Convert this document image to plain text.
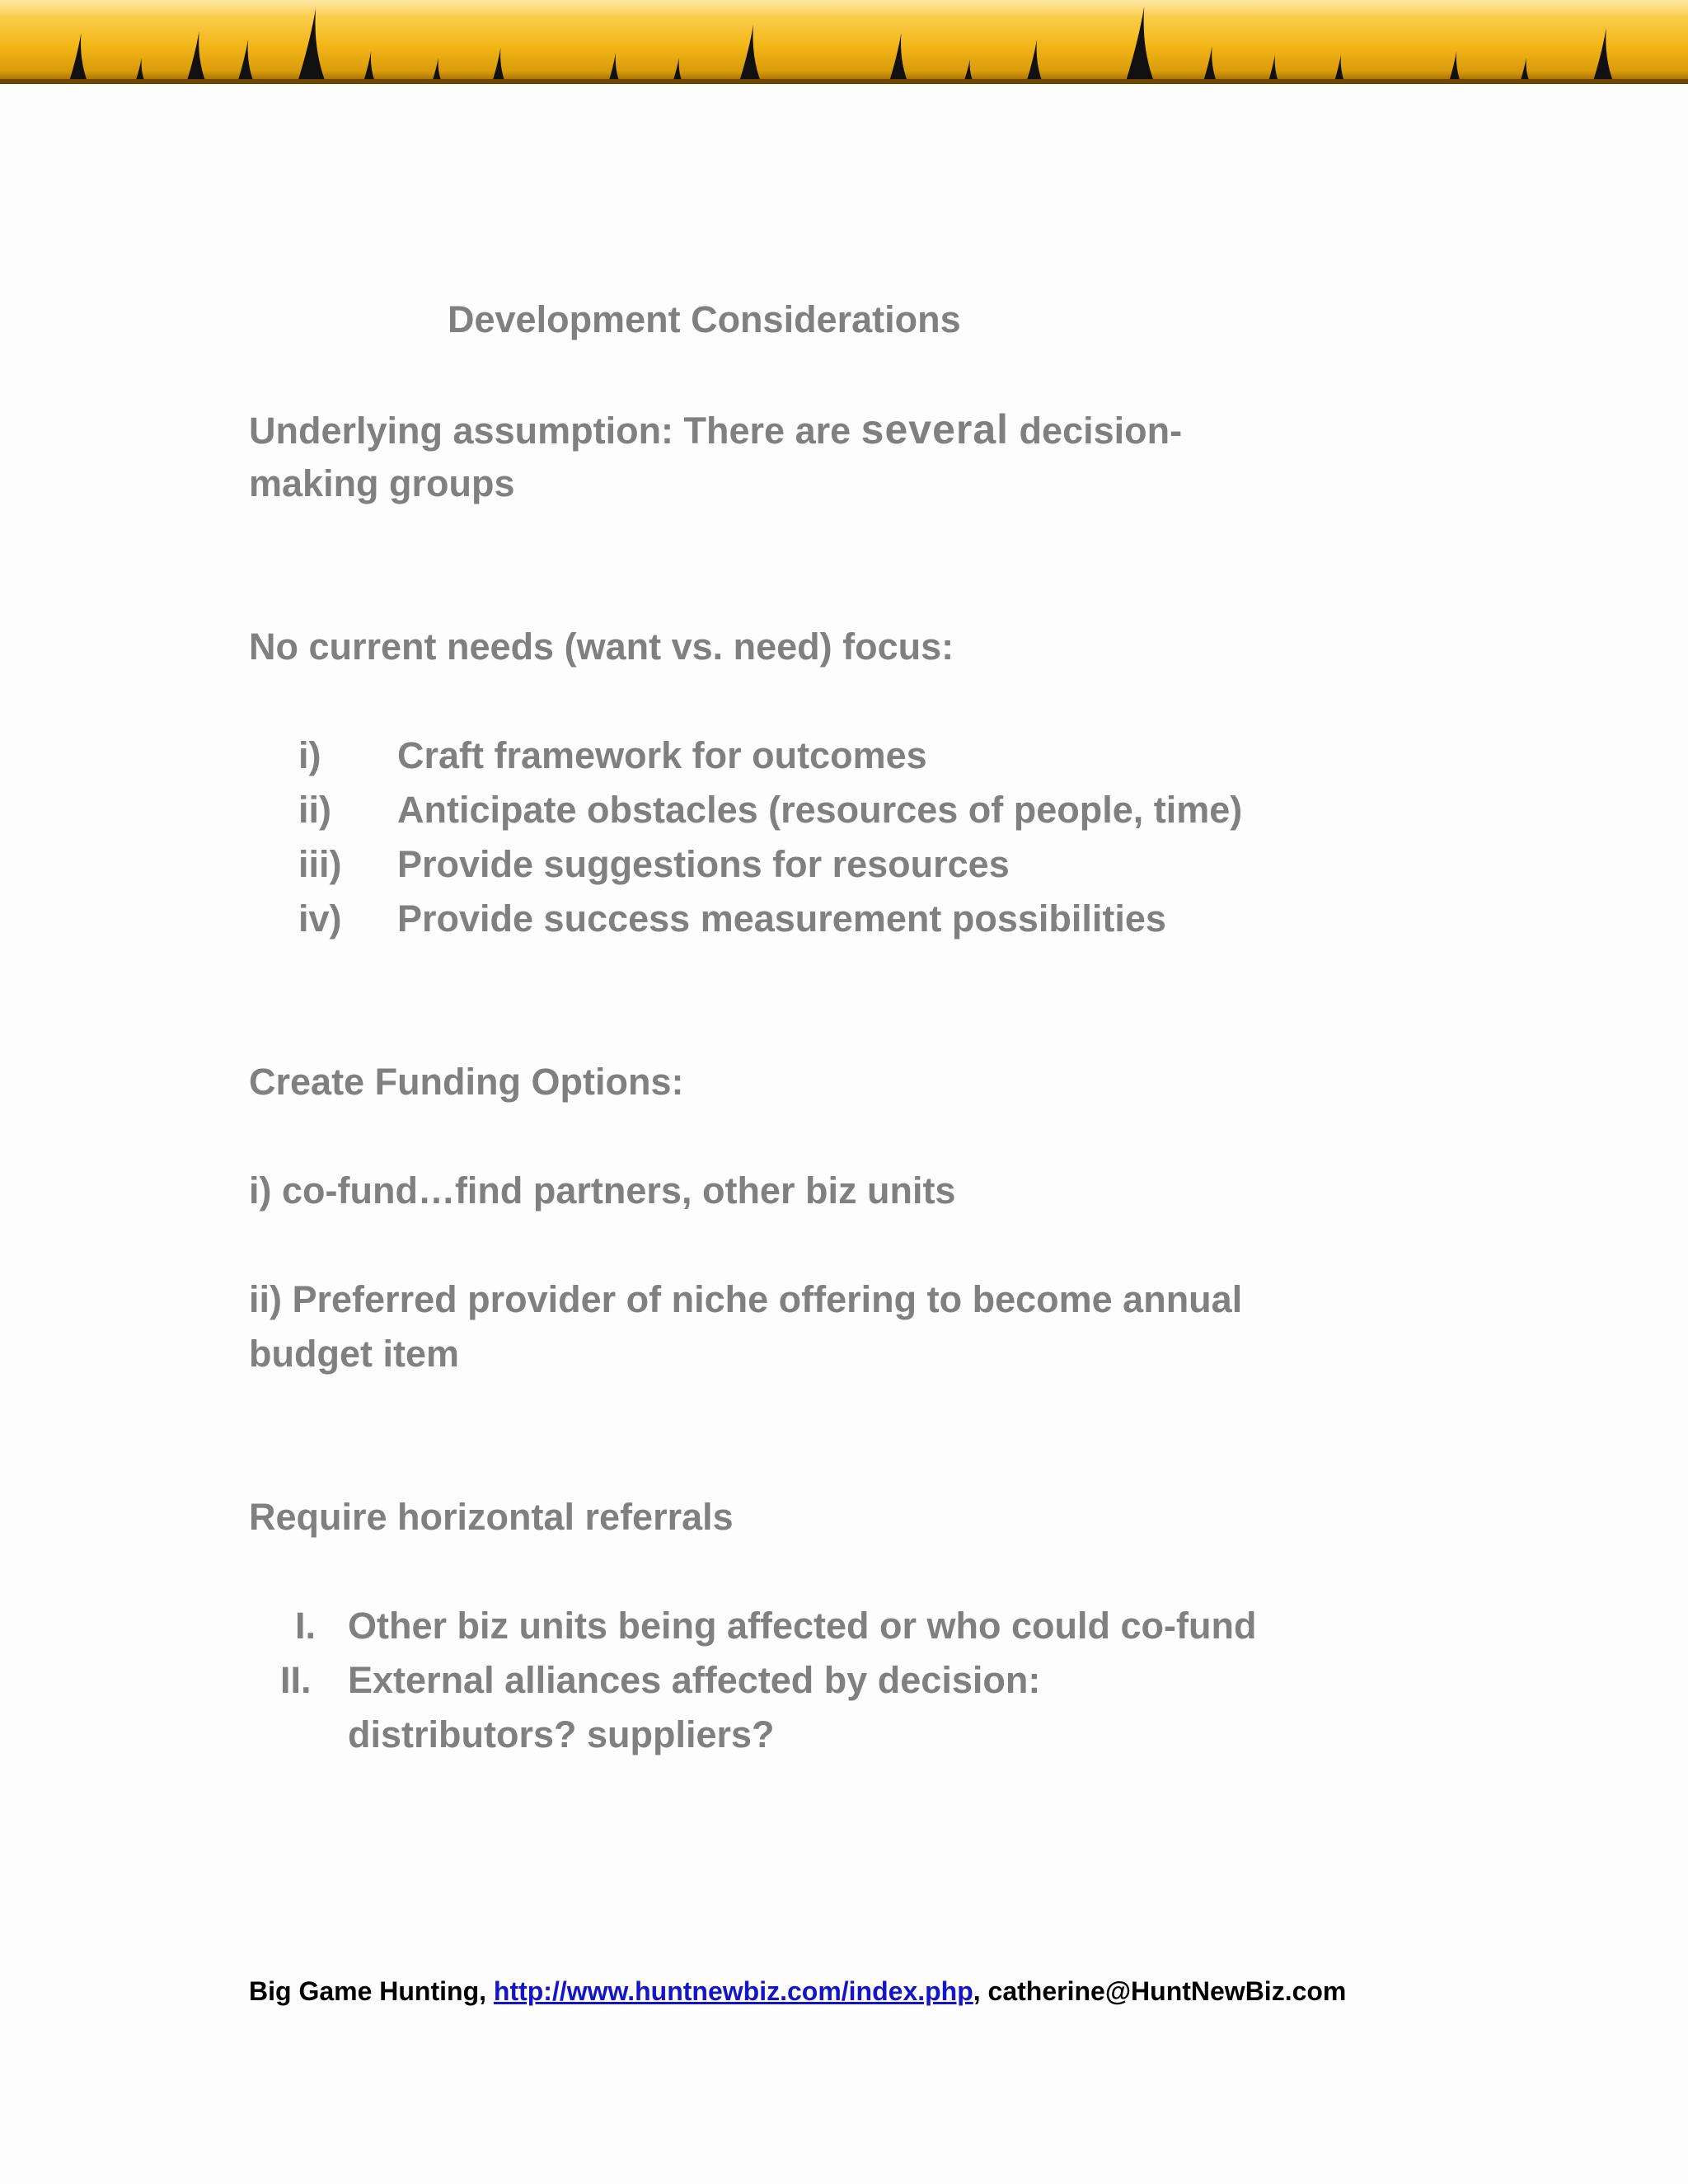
Development Considerations

Underlying assumption: There are several decision-

making groups

No current needs (want vs. need) focus:

i) Craft framework for outcomes
ii) Anticipate obstacles (resources of people, time)
iii) Provide suggestions for resources
iv) Provide success measurement possibilities

Create Funding Options:

i) co-fund…find partners, other biz units

ii) Preferred provider of niche offering to become annual

budget item

Require horizontal referrals

I. Other biz units being affected or who could co-fund
II. External alliances affected by decision:
distributors? suppliers?
Big Game Hunting, http://www.huntnewbiz.com/index.php, catherine@HuntNewBiz.com
